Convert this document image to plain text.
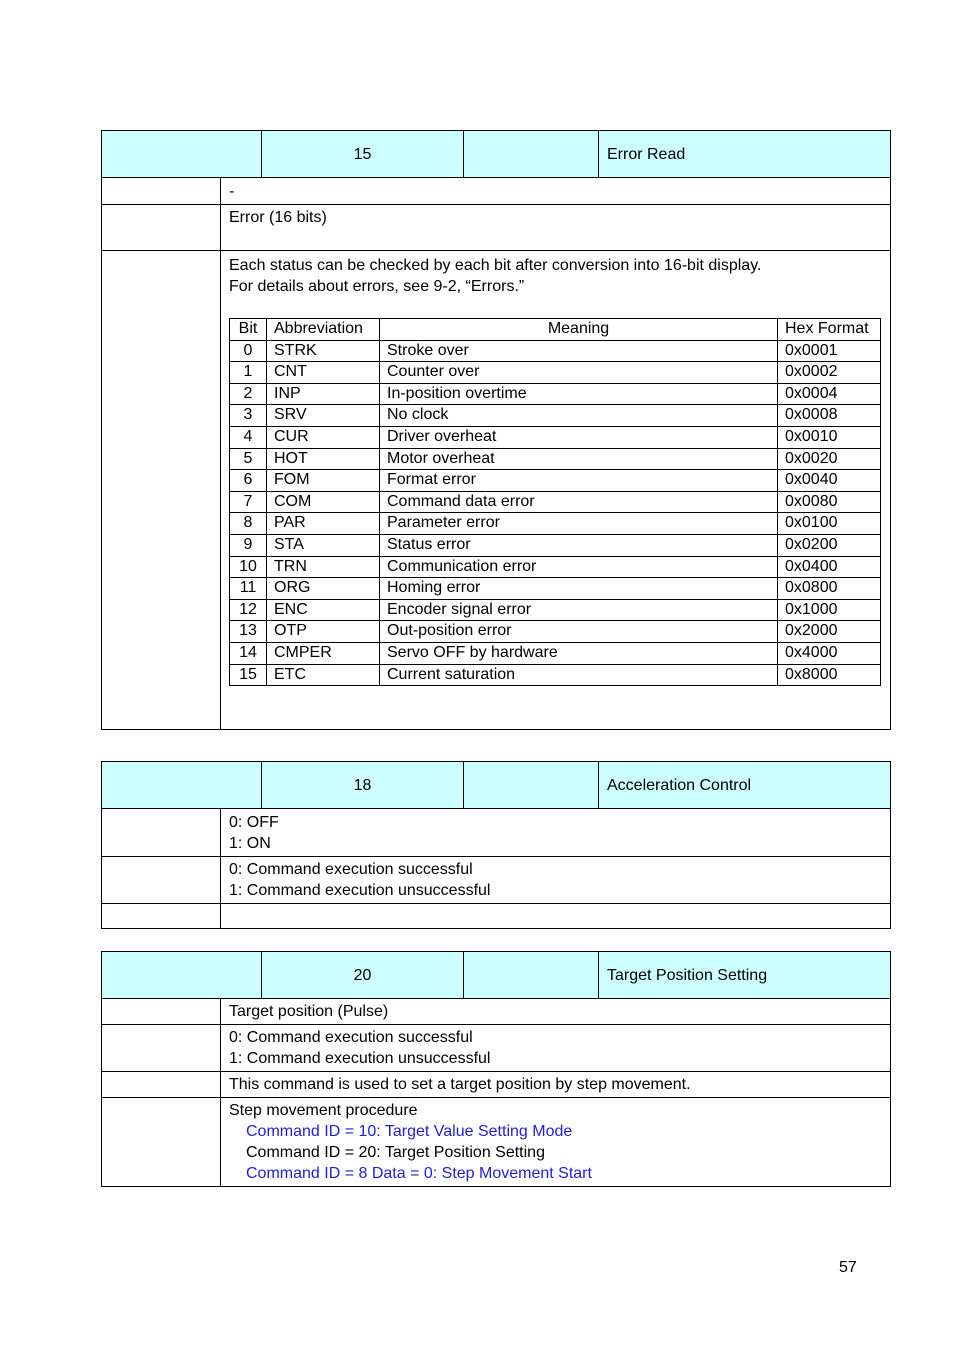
	15		Error Read
	-
	Error (16 bits)

Each status can be checked by each bit after conversion into 16-bit display.
For details about errors, see 9-2, “Errors.”
Bit	Abbreviation	Meaning	Hex Format
0	STRK	Stroke over	0x0001
1	CNT	Counter over	0x0002
2	INP	In-position overtime	0x0004
3	SRV	No clock	0x0008
4	CUR	Driver overheat	0x0010
5	HOT	Motor overheat	0x0020
6	FOM	Format error	0x0040
7	COM	Command data error	0x0080
8	PAR	Parameter error	0x0100
9	STA	Status error	0x0200
10	TRN	Communication error	0x0400
11	ORG	Homing error	0x0800
12	ENC	Encoder signal error	0x1000
13	OTP	Out-position error	0x2000
14	CMPER	Servo OFF by hardware	0x4000
15	ETC	Current saturation	0x8000
	18		Acceleration Control

	0: OFF
1: ON			

	0: Command execution successful
1: Command execution unsuccessful			

		20		Target Position Setting
	Target position (Pulse)			

	0: Command execution successful
1: Command execution unsuccessful			

	This command is used to set a target position by step movement.			

	Step movement procedure
Command ID = 10: Target Value Setting Mode
Command ID = 20: Target Position Setting
Command ID = 8 Data = 0: Step Movement Start			
57
